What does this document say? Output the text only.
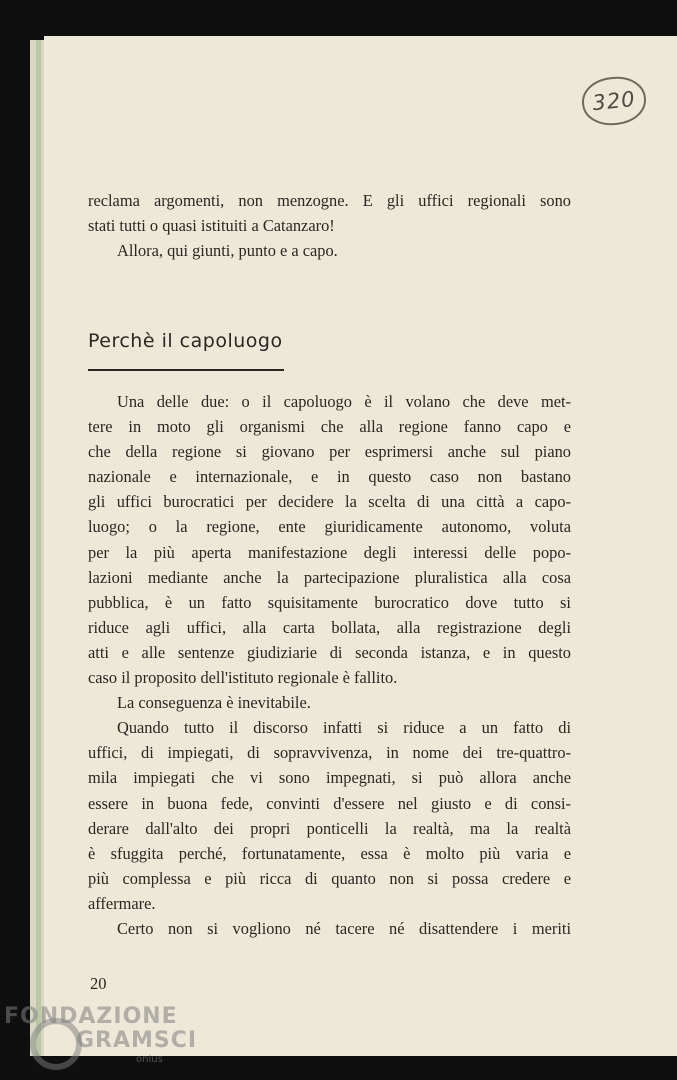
320
reclama argomenti, non menzogne. E gli uffici regionali sono
stati tutti o quasi istituiti a Catanzaro!
Allora, qui giunti, punto e a capo.
Perchè il capoluogo
Una delle due: o il capoluogo è il volano che deve met-
tere in moto gli organismi che alla regione fanno capo e
che della regione si giovano per esprimersi anche sul piano
nazionale e internazionale, e in questo caso non bastano
gli uffici burocratici per decidere la scelta di una città a capo-
luogo; o la regione, ente giuridicamente autonomo, voluta
per la più aperta manifestazione degli interessi delle popo-
lazioni mediante anche la partecipazione pluralistica alla cosa
pubblica, è un fatto squisitamente burocratico dove tutto si
riduce agli uffici, alla carta bollata, alla registrazione degli
atti e alle sentenze giudiziarie di seconda istanza, e in questo
caso il proposito dell'istituto regionale è fallito.
La conseguenza è inevitabile.
Quando tutto il discorso infatti si riduce a un fatto di
uffici, di impiegati, di sopravvivenza, in nome dei tre-quattro-
mila impiegati che vi sono impegnati, si può allora anche
essere in buona fede, convinti d'essere nel giusto e di consi-
derare dall'alto dei propri ponticelli la realtà, ma la realtà
è sfuggita perché, fortunatamente, essa è molto più varia e
più complessa e più ricca di quanto non si possa credere e
affermare.
Certo non si vogliono né tacere né disattendere i meriti
20
FONDAZIONE
GRAMSCI
onlus
